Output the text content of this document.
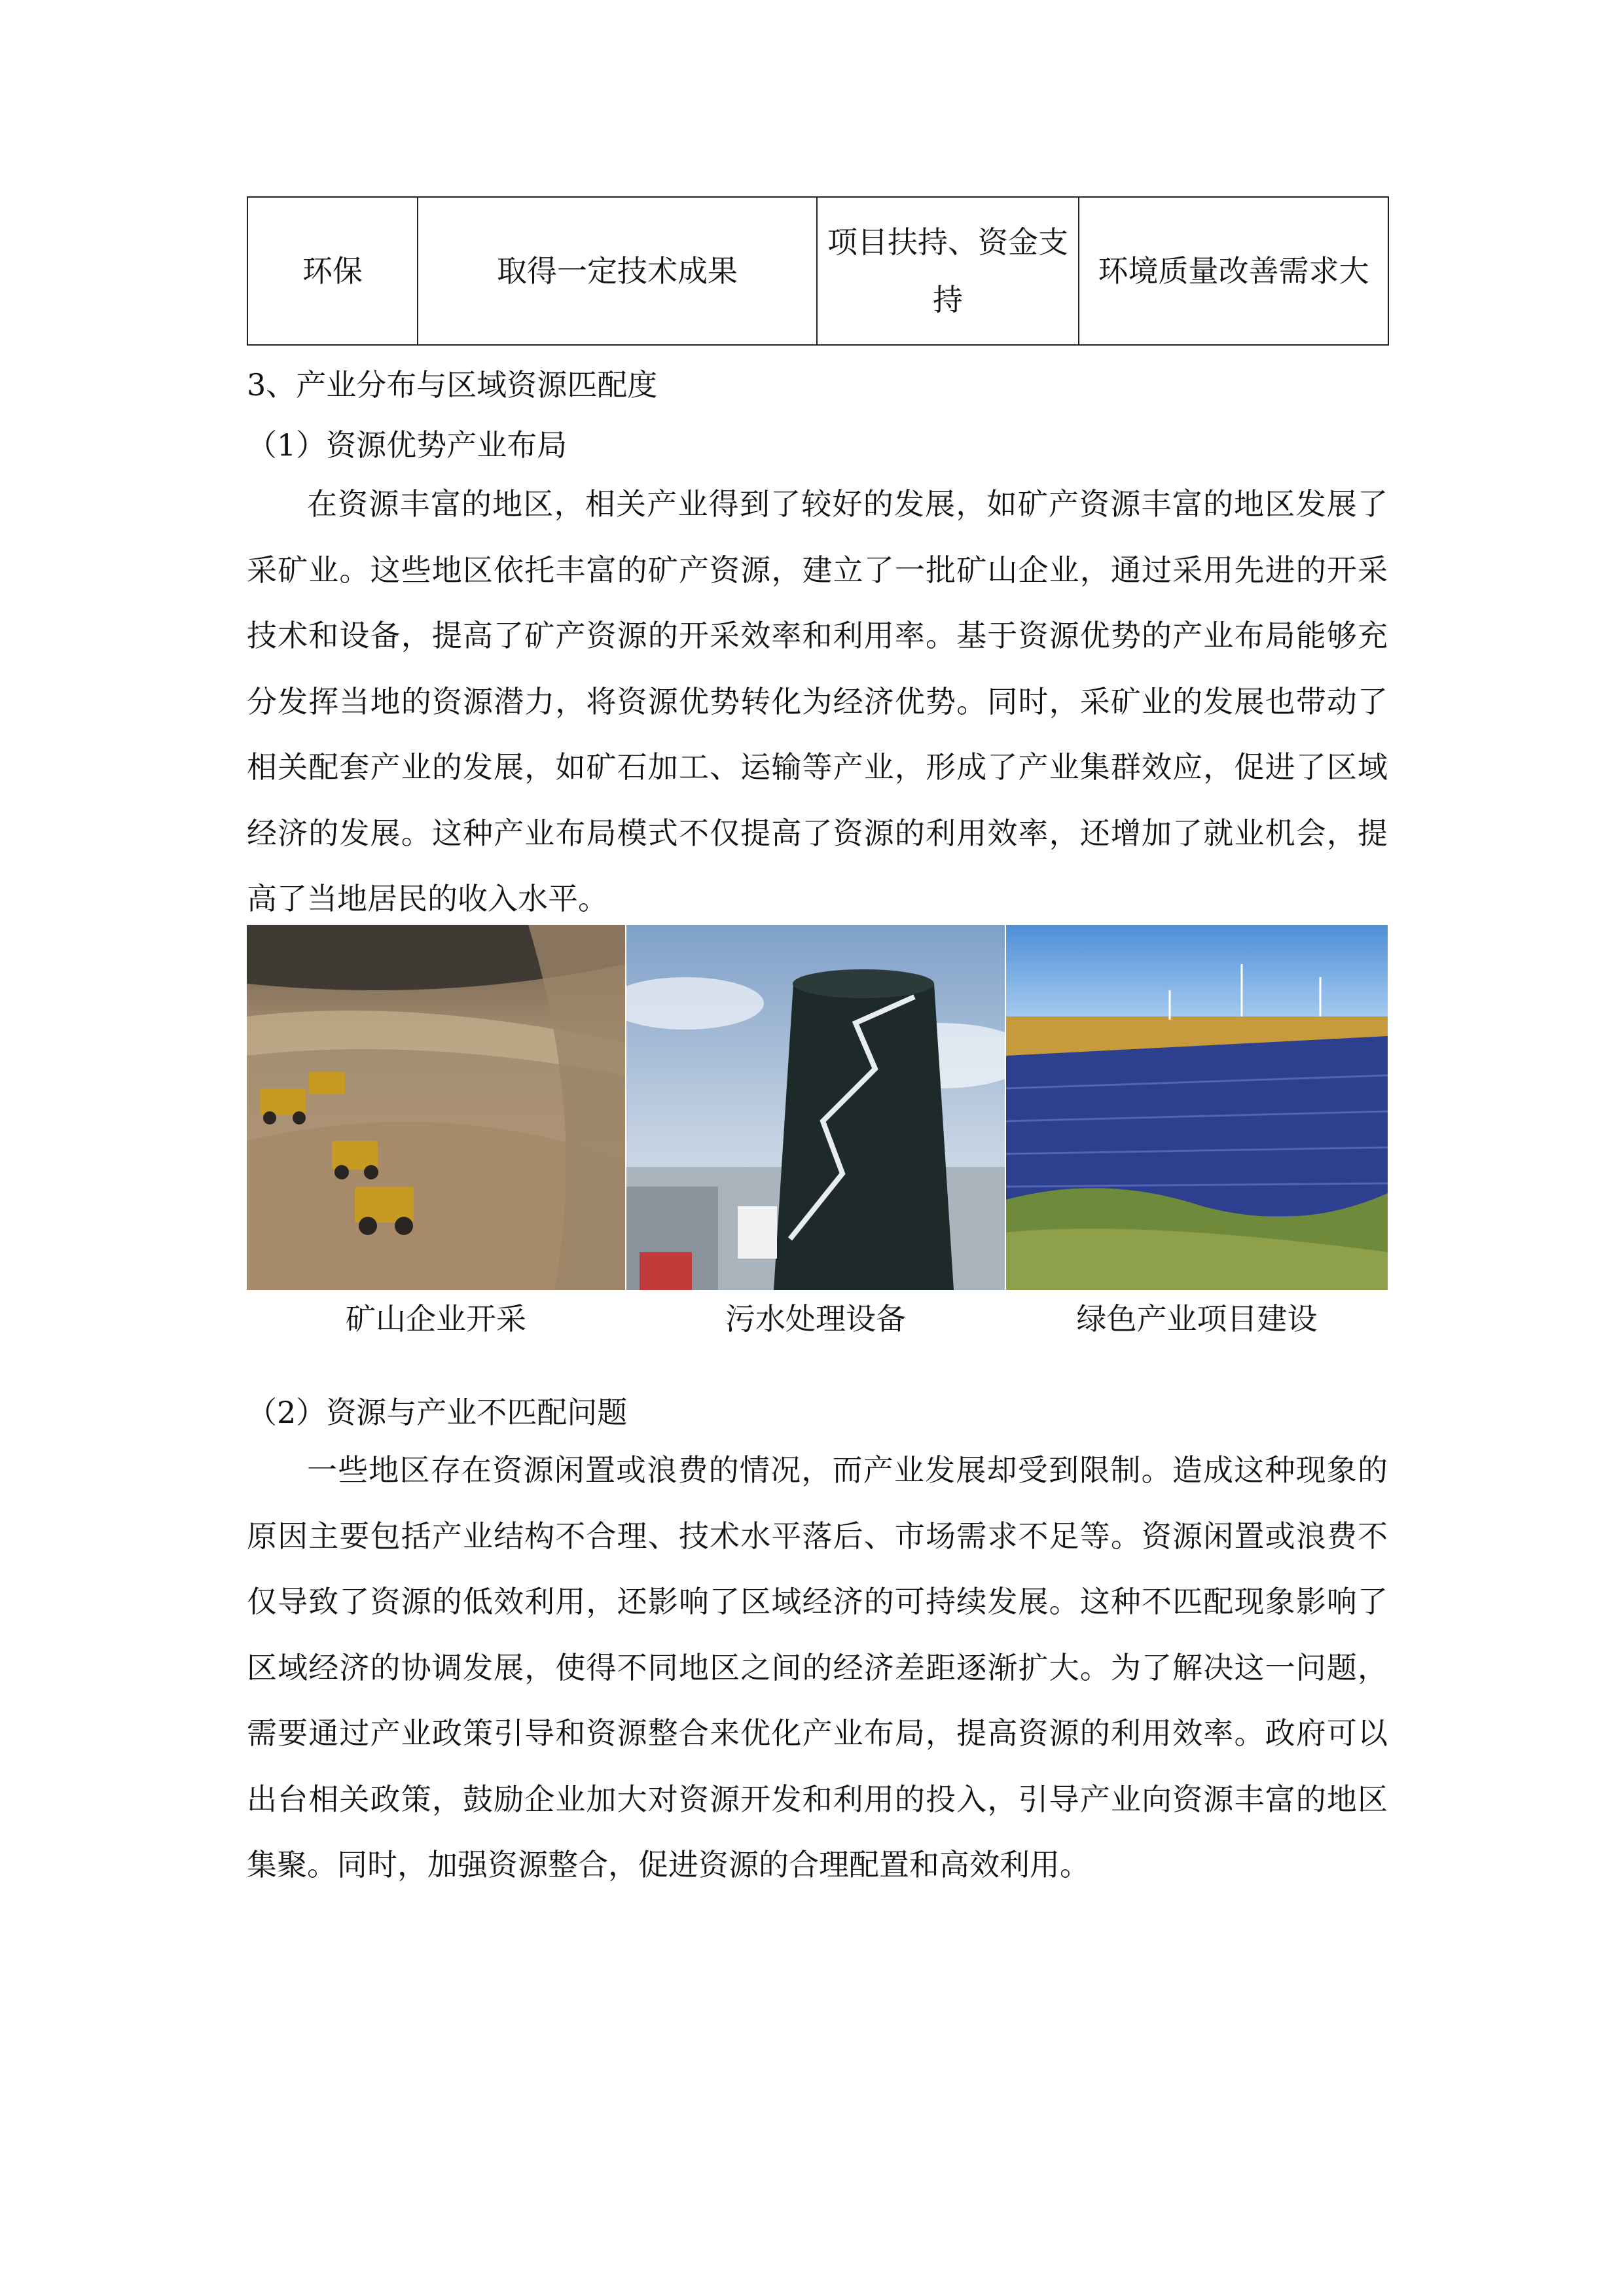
环保	取得一定技术成果	项目扶持、资金支持	环境质量改善需求大
3、产业分布与区域资源匹配度
（1）资源优势产业布局

在资源丰富的地区，相关产业得到了较好的发展，如矿产资源丰富的地区发展了采矿业。这些地区依托丰富的矿产资源，建立了一批矿山企业，通过采用先进的开采技术和设备，提高了矿产资源的开采效率和利用率。基于资源优势的产业布局能够充分发挥当地的资源潜力，将资源优势转化为经济优势。同时，采矿业的发展也带动了相关配套产业的发展，如矿石加工、运输等产业，形成了产业集群效应，促进了区域经济的发展。这种产业布局模式不仅提高了资源的利用效率，还增加了就业机会，提高了当地居民的收入水平。

矿山企业开采	污水处理设备	绿色产业项目建设
（2）资源与产业不匹配问题

一些地区存在资源闲置或浪费的情况，而产业发展却受到限制。造成这种现象的原因主要包括产业结构不合理、技术水平落后、市场需求不足等。资源闲置或浪费不仅导致了资源的低效利用，还影响了区域经济的可持续发展。这种不匹配现象影响了区域经济的协调发展，使得不同地区之间的经济差距逐渐扩大。为了解决这一问题，需要通过产业政策引导和资源整合来优化产业布局，提高资源的利用效率。政府可以出台相关政策，鼓励企业加大对资源开发和利用的投入，引导产业向资源丰富的地区集聚。同时，加强资源整合，促进资源的合理配置和高效利用。
